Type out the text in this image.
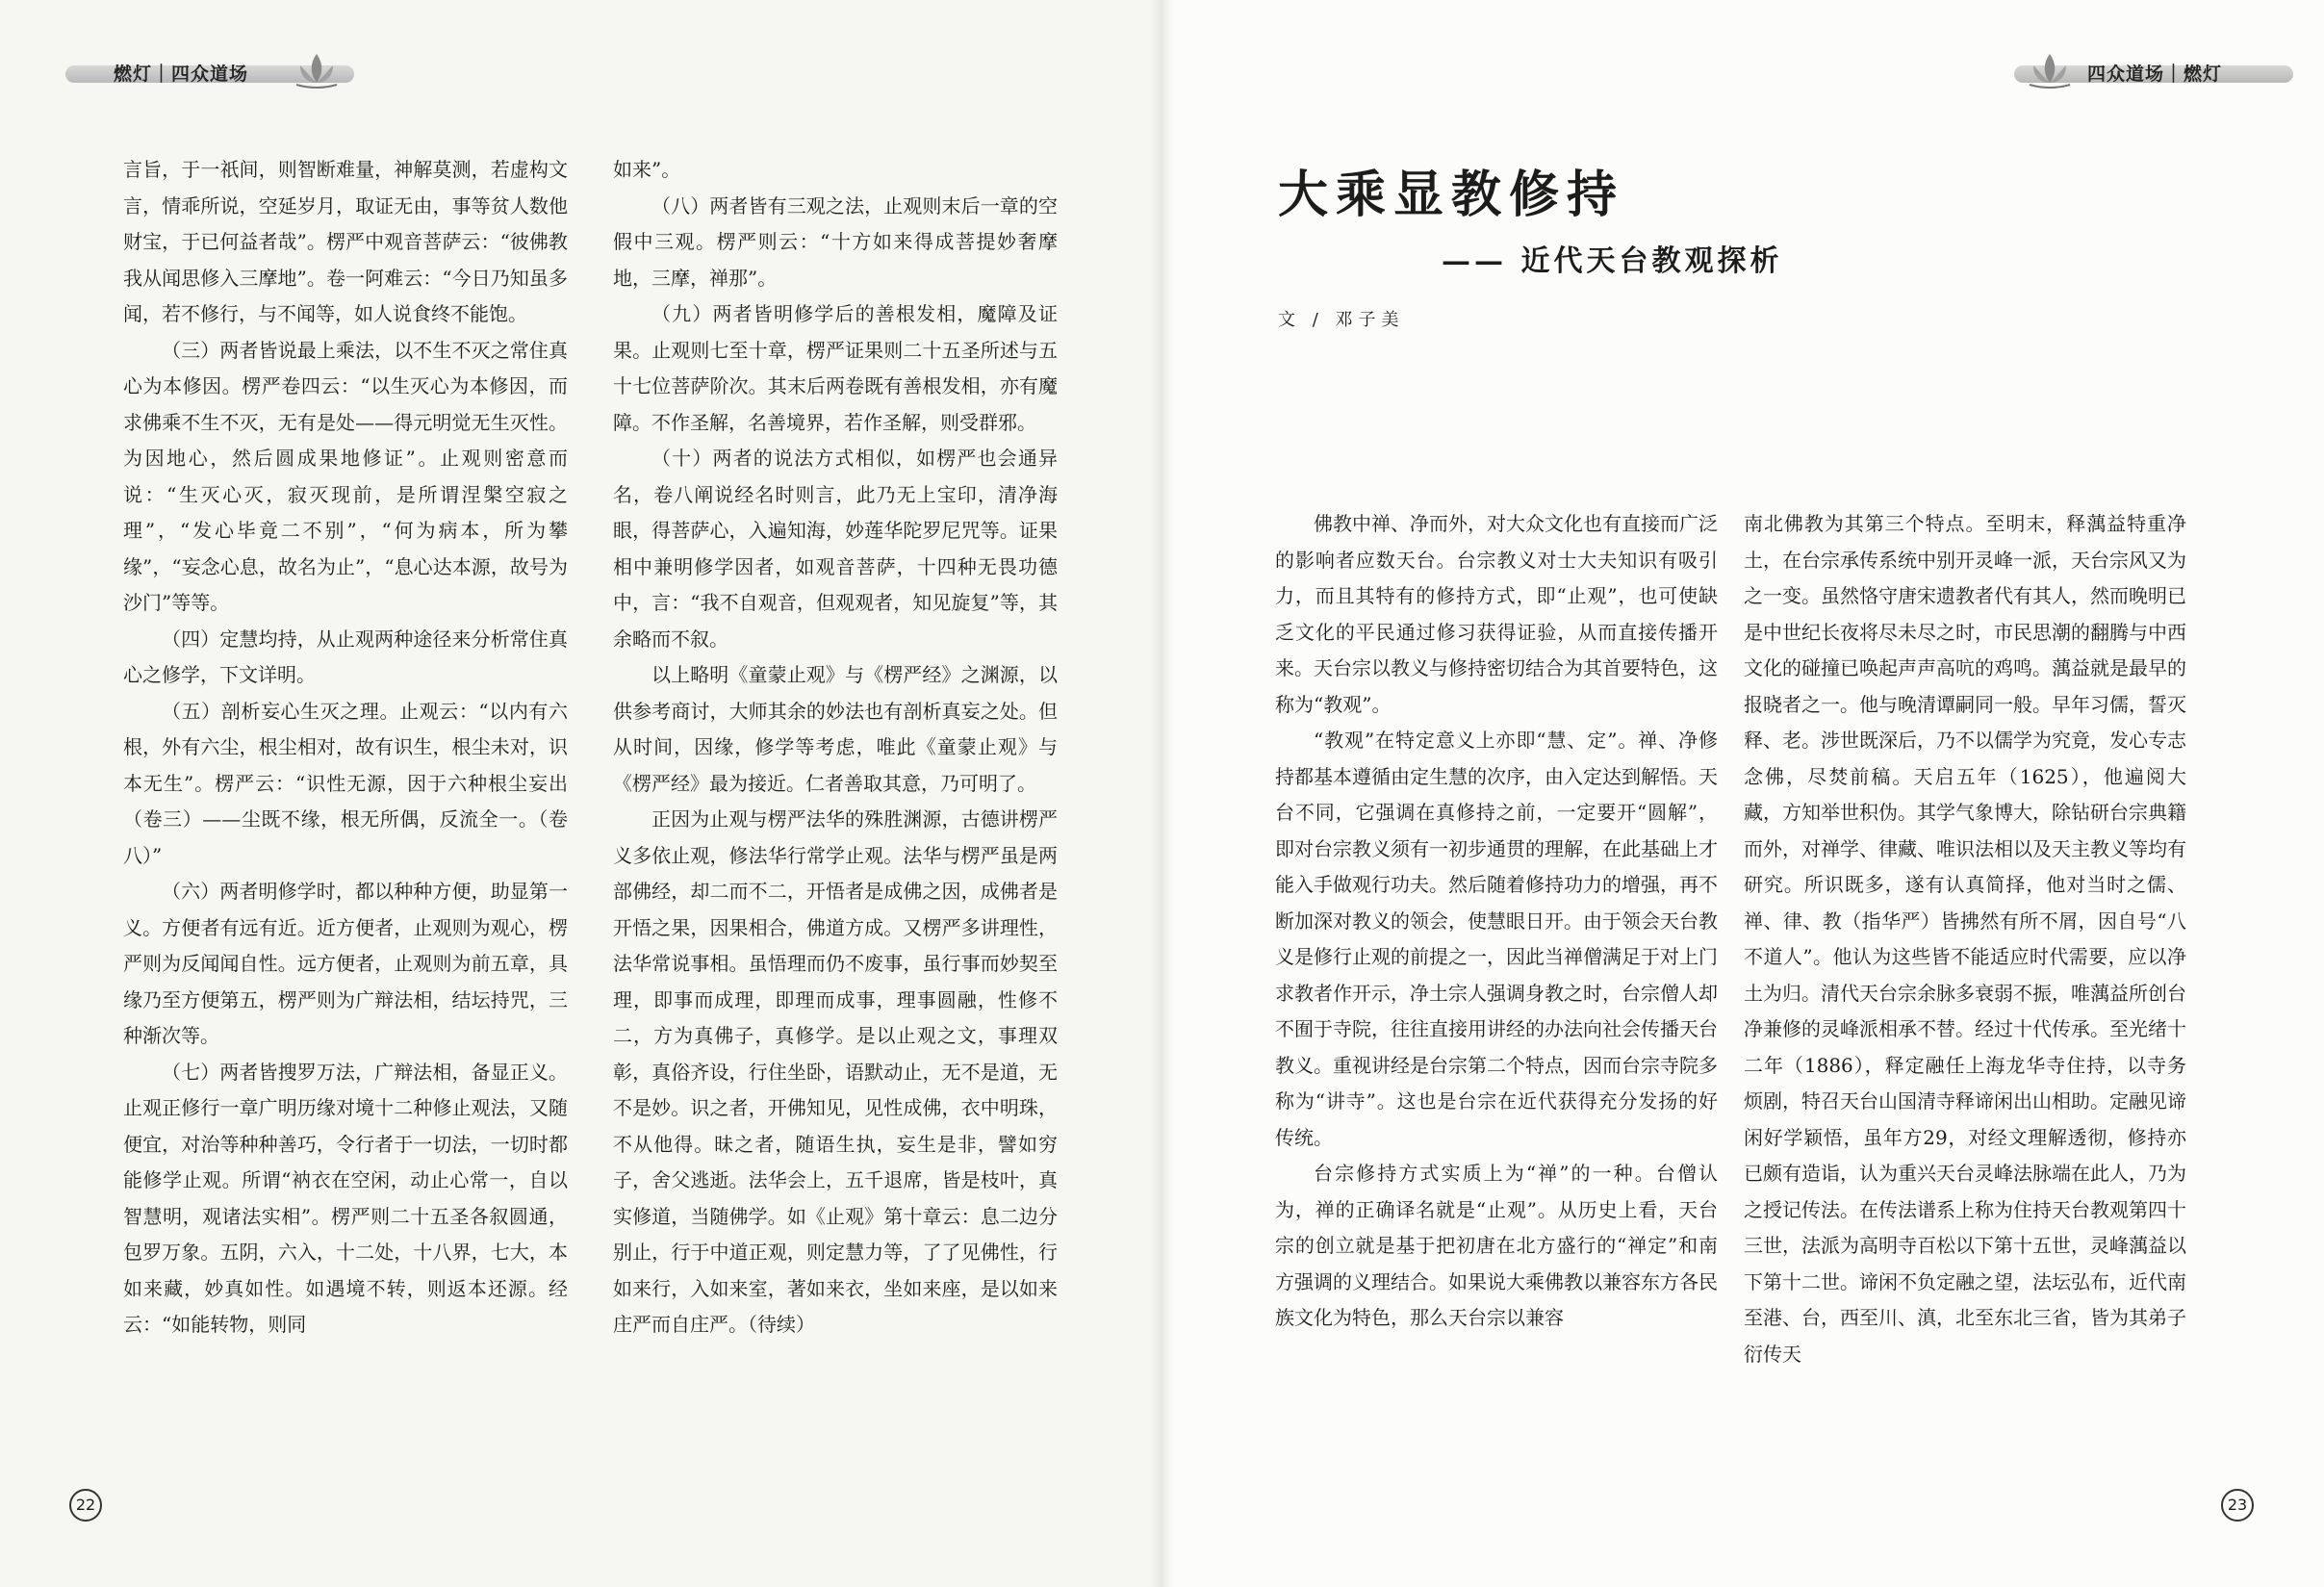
燃灯｜四众道场

言旨，于一祇间，则智断难量，神解莫测，若虚构文言，情乖所说，空延岁月，取证无由，事等贫人数他财宝，于已何益者哉”。楞严中观音菩萨云：“彼佛教我从闻思修入三摩地”。卷一阿难云：“今日乃知虽多闻，若不修行，与不闻等，如人说食终不能饱。

（三）两者皆说最上乘法，以不生不灭之常住真心为本修因。楞严卷四云：“以生灭心为本修因，而求佛乘不生不灭，无有是处——得元明觉无生灭性。为因地心，然后圆成果地修证”。止观则密意而说：“生灭心灭，寂灭现前，是所谓涅槃空寂之理”，“发心毕竟二不别”，“何为病本，所为攀缘”，“妄念心息，故名为止”，“息心达本源，故号为沙门”等等。

（四）定慧均持，从止观两种途径来分析常住真心之修学，下文详明。

（五）剖析妄心生灭之理。止观云：“以内有六根，外有六尘，根尘相对，故有识生，根尘未对，识本无生”。楞严云：“识性无源，因于六种根尘妄出（卷三）——尘既不缘，根无所偶，反流全一。（卷八）”

（六）两者明修学时，都以种种方便，助显第一义。方便者有远有近。近方便者，止观则为观心，楞严则为反闻闻自性。远方便者，止观则为前五章，具缘乃至方便第五，楞严则为广辩法相，结坛持咒，三种渐次等。

（七）两者皆搜罗万法，广辩法相，备显正义。止观正修行一章广明历缘对境十二种修止观法，又随便宜，对治等种种善巧，令行者于一切法，一切时都能修学止观。所谓“衲衣在空闲，动止心常一，自以智慧明，观诸法实相”。楞严则二十五圣各叙圆通，包罗万象。五阴，六入，十二处，十八界，七大，本如来藏，妙真如性。如遇境不转，则返本还源。经云：“如能转物，则同

如来”。

（八）两者皆有三观之法，止观则末后一章的空假中三观。楞严则云：“十方如来得成菩提妙奢摩地，三摩，禅那”。

（九）两者皆明修学后的善根发相，魔障及证果。止观则七至十章，楞严证果则二十五圣所述与五十七位菩萨阶次。其末后两卷既有善根发相，亦有魔障。不作圣解，名善境界，若作圣解，则受群邪。

（十）两者的说法方式相似，如楞严也会通异名，卷八阐说经名时则言，此乃无上宝印，清净海眼，得菩萨心，入遍知海，妙莲华陀罗尼咒等。证果相中兼明修学因者，如观音菩萨，十四种无畏功德中，言：“我不自观音，但观观者，知见旋复”等，其余略而不叙。

以上略明《童蒙止观》与《楞严经》之渊源，以供参考商讨，大师其余的妙法也有剖析真妄之处。但从时间，因缘，修学等考虑，唯此《童蒙止观》与《楞严经》最为接近。仁者善取其意，乃可明了。

正因为止观与楞严法华的殊胜渊源，古德讲楞严义多依止观，修法华行常学止观。法华与楞严虽是两部佛经，却二而不二，开悟者是成佛之因，成佛者是开悟之果，因果相合，佛道方成。又楞严多讲理性，法华常说事相。虽悟理而仍不废事，虽行事而妙契至理，即事而成理，即理而成事，理事圆融，性修不二，方为真佛子，真修学。是以止观之文，事理双彰，真俗齐设，行住坐卧，语默动止，无不是道，无不是妙。识之者，开佛知见，见性成佛，衣中明珠，不从他得。昧之者，随语生执，妄生是非，譬如穷子，舍父逃逝。法华会上，五千退席，皆是枝叶，真实修道，当随佛学。如《止观》第十章云：息二边分别止，行于中道正观，则定慧力等，了了见佛性，行如来行，入如来室，著如来衣，坐如来座，是以如来庄严而自庄严。（待续）

22
四众道场｜燃灯
大乘显教修持
—— 近代天台教观探析
文 / 邓子美

佛教中禅、净而外，对大众文化也有直接而广泛的影响者应数天台。台宗教义对士大夫知识有吸引力，而且其特有的修持方式，即“止观”，也可使缺乏文化的平民通过修习获得证验，从而直接传播开来。天台宗以教义与修持密切结合为其首要特色，这称为“教观”。

“教观”在特定意义上亦即“慧、定”。禅、净修持都基本遵循由定生慧的次序，由入定达到解悟。天台不同，它强调在真修持之前，一定要开“圆解”，即对台宗教义须有一初步通贯的理解，在此基础上才能入手做观行功夫。然后随着修持功力的增强，再不断加深对教义的领会，使慧眼日开。由于领会天台教义是修行止观的前提之一，因此当禅僧满足于对上门求教者作开示，净土宗人强调身教之时，台宗僧人却不囿于寺院，往往直接用讲经的办法向社会传播天台教义。重视讲经是台宗第二个特点，因而台宗寺院多称为“讲寺”。这也是台宗在近代获得充分发扬的好传统。

台宗修持方式实质上为“禅”的一种。台僧认为，禅的正确译名就是“止观”。从历史上看，天台宗的创立就是基于把初唐在北方盛行的“禅定”和南方强调的义理结合。如果说大乘佛教以兼容东方各民族文化为特色，那么天台宗以兼容

南北佛教为其第三个特点。至明末，释蕅益特重净土，在台宗承传系统中别开灵峰一派，天台宗风又为之一变。虽然恪守唐宋遗教者代有其人，然而晚明已是中世纪长夜将尽未尽之时，市民思潮的翻腾与中西文化的碰撞已唤起声声高吭的鸡鸣。蕅益就是最早的报晓者之一。他与晚清谭嗣同一般。早年习儒，誓灭释、老。涉世既深后，乃不以儒学为究竟，发心专志念佛，尽焚前稿。天启五年（1625），他遍阅大藏，方知举世积伪。其学气象博大，除钻研台宗典籍而外，对禅学、律藏、唯识法相以及天主教义等均有研究。所识既多，遂有认真简择，他对当时之儒、禅、律、教（指华严）皆拂然有所不屑，因自号“八不道人”。他认为这些皆不能适应时代需要，应以净土为归。清代天台宗余脉多衰弱不振，唯蕅益所创台净兼修的灵峰派相承不替。经过十代传承。至光绪十二年（1886），释定融任上海龙华寺住持，以寺务烦剧，特召天台山国清寺释谛闲出山相助。定融见谛闲好学颖悟，虽年方29，对经文理解透彻，修持亦已颇有造诣，认为重兴天台灵峰法脉端在此人，乃为之授记传法。在传法谱系上称为住持天台教观第四十三世，法派为高明寺百松以下第十五世，灵峰蕅益以下第十二世。谛闲不负定融之望，法坛弘布，近代南至港、台，西至川、滇，北至东北三省，皆为其弟子衍传天

23
